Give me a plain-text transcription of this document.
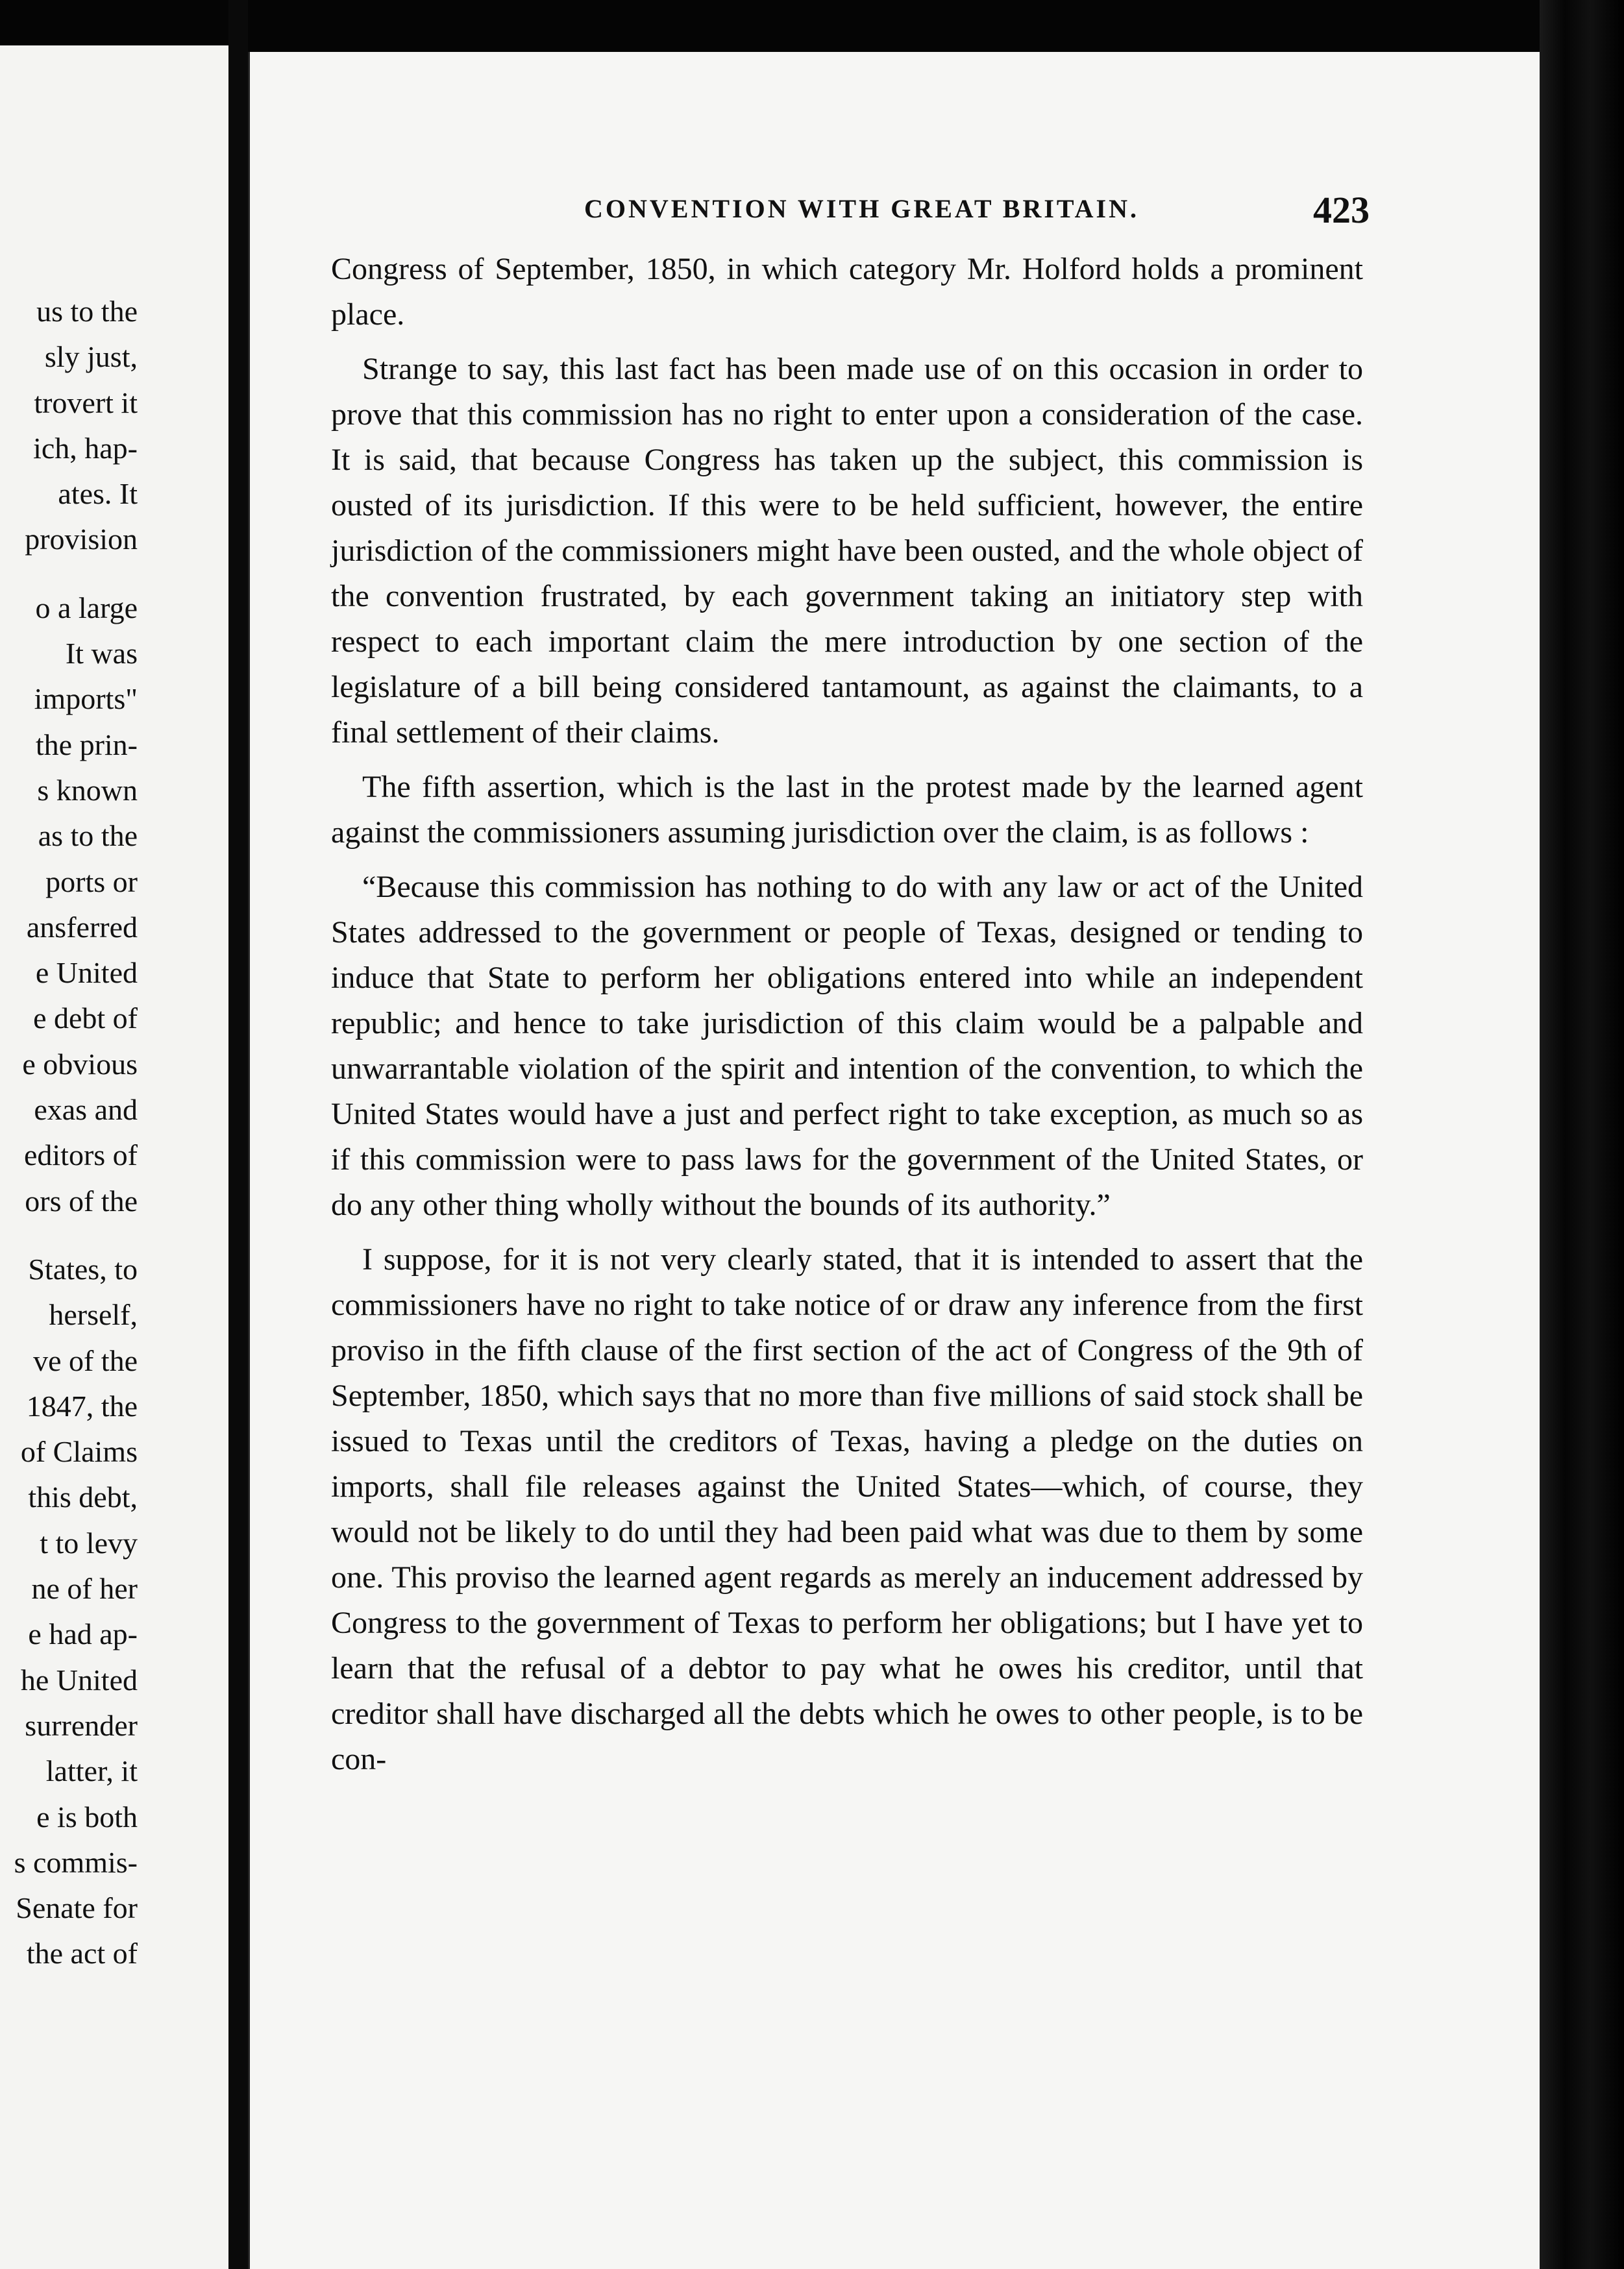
us to the
sly just,
trovert it
ich, hap-
ates. It
provision
o a large
It was
imports"
the prin-
s known
as to the
ports or
ansferred
e United
e debt of
e obvious
exas and
editors of
ors of the
States, to
herself,
ve of the
1847, the
of Claims
this debt,
t to levy
ne of her
e had ap-
he United
surrender
latter, it
e is both
s commis-
Senate for
the act of
CONVENTION WITH GREAT BRITAIN.	423

Congress of September, 1850, in which category Mr. Holford holds a prominent place.

Strange to say, this last fact has been made use of on this occasion in order to prove that this commission has no right to enter upon a consideration of the case. It is said, that because Congress has taken up the subject, this commission is ousted of its jurisdiction. If this were to be held sufficient, however, the entire jurisdiction of the commissioners might have been ousted, and the whole object of the convention frustrated, by each government taking an initiatory step with respect to each important claim the mere introduction by one section of the legislature of a bill being considered tantamount, as against the claimants, to a final settlement of their claims.

The fifth assertion, which is the last in the protest made by the learned agent against the commissioners assuming jurisdiction over the claim, is as follows :

“Because this commission has nothing to do with any law or act of the United States addressed to the government or people of Texas, designed or tending to induce that State to perform her obligations entered into while an independent republic; and hence to take jurisdiction of this claim would be a palpable and unwarrantable violation of the spirit and intention of the convention, to which the United States would have a just and perfect right to take exception, as much so as if this commission were to pass laws for the government of the United States, or do any other thing wholly without the bounds of its authority.”

I suppose, for it is not very clearly stated, that it is intended to assert that the commissioners have no right to take notice of or draw any inference from the first proviso in the fifth clause of the first section of the act of Congress of the 9th of September, 1850, which says that no more than five millions of said stock shall be issued to Texas until the creditors of Texas, having a pledge on the duties on imports, shall file releases against the United States—which, of course, they would not be likely to do until they had been paid what was due to them by some one. This proviso the learned agent regards as merely an inducement addressed by Congress to the government of Texas to perform her obligations; but I have yet to learn that the refusal of a debtor to pay what he owes his creditor, until that creditor shall have discharged all the debts which he owes to other people, is to be con-
